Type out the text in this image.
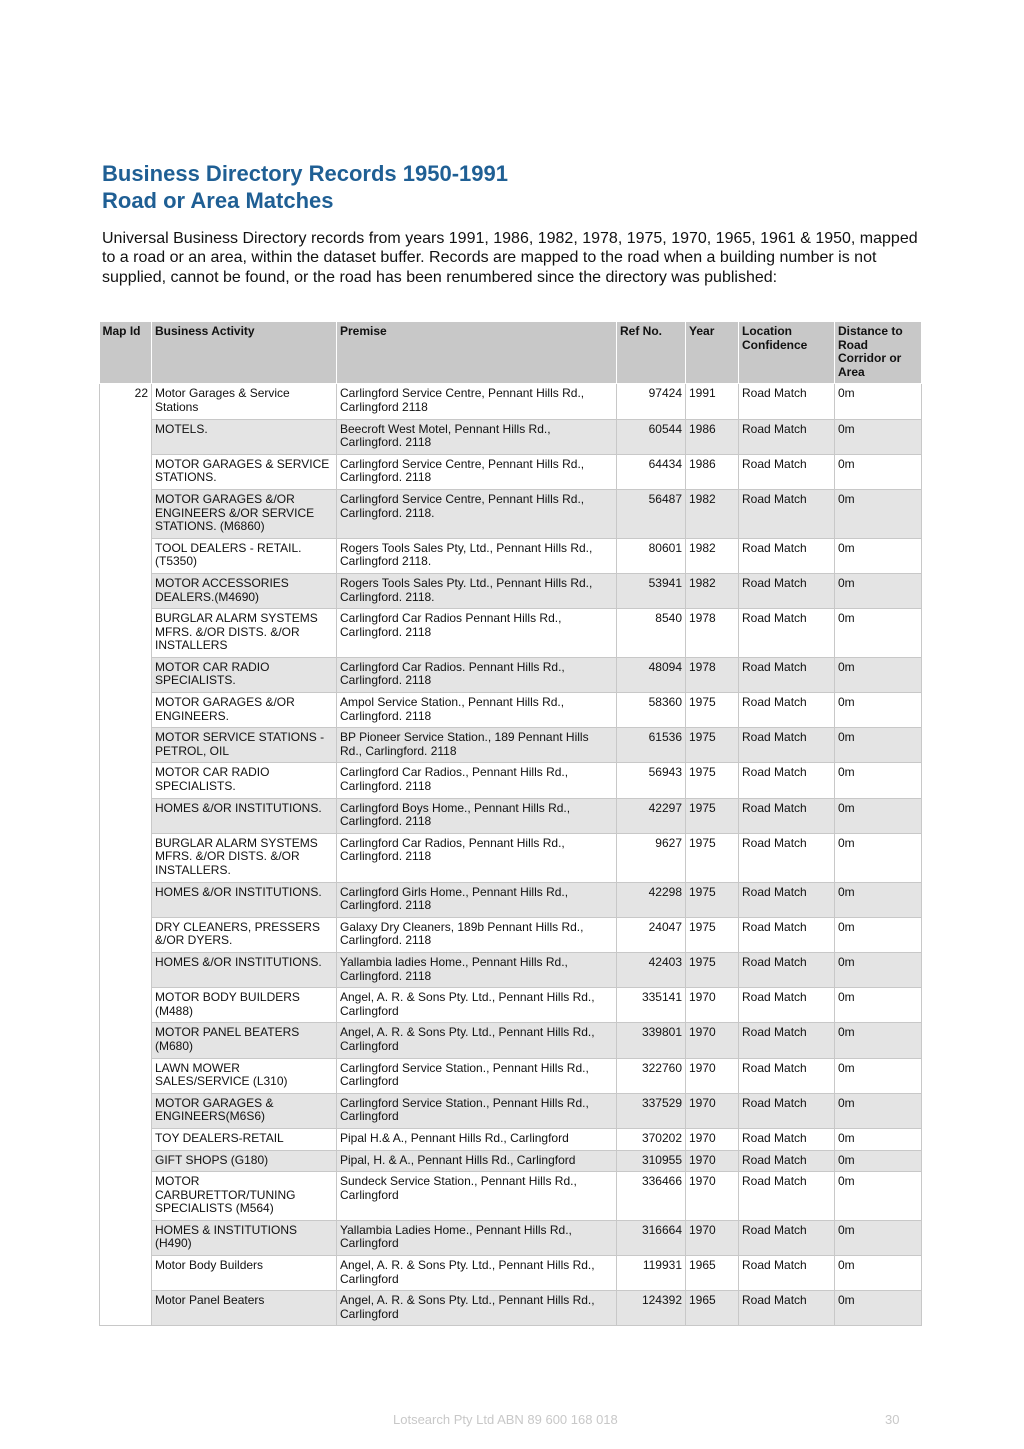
Business Directory Records 1950-1991
Road or Area Matches
Universal Business Directory records from years 1991, 1986, 1982, 1978, 1975, 1970, 1965, 1961 & 1950, mapped to a road or an area, within the dataset buffer. Records are mapped to the road when a building number is not supplied, cannot be found, or the road has been renumbered since the directory was published:
Map Id	Business Activity	Premise	Ref No.	Year	Location Confidence	Distance to Road Corridor or Area
22	Motor Garages & Service Stations	Carlingford Service Centre, Pennant Hills Rd., Carlingford 2118	97424	1991	Road Match	0m
	MOTELS.	Beecroft West Motel, Pennant Hills Rd., Carlingford. 2118	60544	1986	Road Match	0m
	MOTOR GARAGES & SERVICE STATIONS.	Carlingford Service Centre, Pennant Hills Rd., Carlingford. 2118	64434	1986	Road Match	0m
	MOTOR GARAGES &/OR ENGINEERS &/OR SERVICE STATIONS. (M6860)	Carlingford Service Centre, Pennant Hills Rd., Carlingford. 2118.	56487	1982	Road Match	0m
	TOOL DEALERS - RETAIL. (T5350)	Rogers Tools Sales Pty, Ltd., Pennant Hills Rd., Carlingford 2118.	80601	1982	Road Match	0m
	MOTOR ACCESSORIES DEALERS.(M4690)	Rogers Tools Sales Pty. Ltd., Pennant Hills Rd., Carlingford. 2118.	53941	1982	Road Match	0m
	BURGLAR ALARM SYSTEMS MFRS. &/OR DISTS. &/OR INSTALLERS	Carlingford Car Radios Pennant Hills Rd., Carlingford. 2118	8540	1978	Road Match	0m
	MOTOR CAR RADIO SPECIALISTS.	Carlingford Car Radios. Pennant Hills Rd., Carlingford. 2118	48094	1978	Road Match	0m
	MOTOR GARAGES &/OR ENGINEERS.	Ampol Service Station., Pennant Hills Rd., Carlingford. 2118	58360	1975	Road Match	0m
	MOTOR SERVICE STATIONS - PETROL, OIL	BP Pioneer Service Station., 189 Pennant Hills Rd., Carlingford. 2118	61536	1975	Road Match	0m
	MOTOR CAR RADIO SPECIALISTS.	Carlingford Car Radios., Pennant Hills Rd., Carlingford. 2118	56943	1975	Road Match	0m
	HOMES &/OR INSTITUTIONS.	Carlingford Boys Home., Pennant Hills Rd., Carlingford. 2118	42297	1975	Road Match	0m
	BURGLAR ALARM SYSTEMS MFRS. &/OR DISTS. &/OR INSTALLERS.	Carlingford Car Radios, Pennant Hills Rd., Carlingford. 2118	9627	1975	Road Match	0m
	HOMES &/OR INSTITUTIONS.	Carlingford Girls Home., Pennant Hills Rd., Carlingford. 2118	42298	1975	Road Match	0m
	DRY CLEANERS, PRESSERS &/OR DYERS.	Galaxy Dry Cleaners, 189b Pennant Hills Rd., Carlingford. 2118	24047	1975	Road Match	0m
	HOMES &/OR INSTITUTIONS.	Yallambia ladies Home., Pennant Hills Rd., Carlingford. 2118	42403	1975	Road Match	0m
	MOTOR BODY BUILDERS (M488)	Angel, A. R. & Sons Pty. Ltd., Pennant Hills Rd., Carlingford	335141	1970	Road Match	0m
	MOTOR PANEL BEATERS (M680)	Angel, A. R. & Sons Pty. Ltd., Pennant Hills Rd., Carlingford	339801	1970	Road Match	0m
	LAWN MOWER SALES/SERVICE (L310)	Carlingford Service Station., Pennant Hills Rd., Carlingford	322760	1970	Road Match	0m
	MOTOR GARAGES & ENGINEERS(M6S6)	Carlingford Service Station., Pennant Hills Rd., Carlingford	337529	1970	Road Match	0m
	TOY DEALERS-RETAIL	Pipal H.& A., Pennant Hills Rd., Carlingford	370202	1970	Road Match	0m
	GIFT SHOPS (G180)	Pipal, H. & A., Pennant Hills Rd., Carlingford	310955	1970	Road Match	0m
	MOTOR CARBURETTOR/TUNING SPECIALISTS (M564)	Sundeck Service Station., Pennant Hills Rd., Carlingford	336466	1970	Road Match	0m
	HOMES & INSTITUTIONS (H490)	Yallambia Ladies Home., Pennant Hills Rd., Carlingford	316664	1970	Road Match	0m
	Motor Body Builders	Angel, A. R. & Sons Pty. Ltd., Pennant Hills Rd., Carlingford	119931	1965	Road Match	0m
	Motor Panel Beaters	Angel, A. R. & Sons Pty. Ltd., Pennant Hills Rd., Carlingford	124392	1965	Road Match	0m
Lotsearch Pty Ltd ABN 89 600 168 018	30
